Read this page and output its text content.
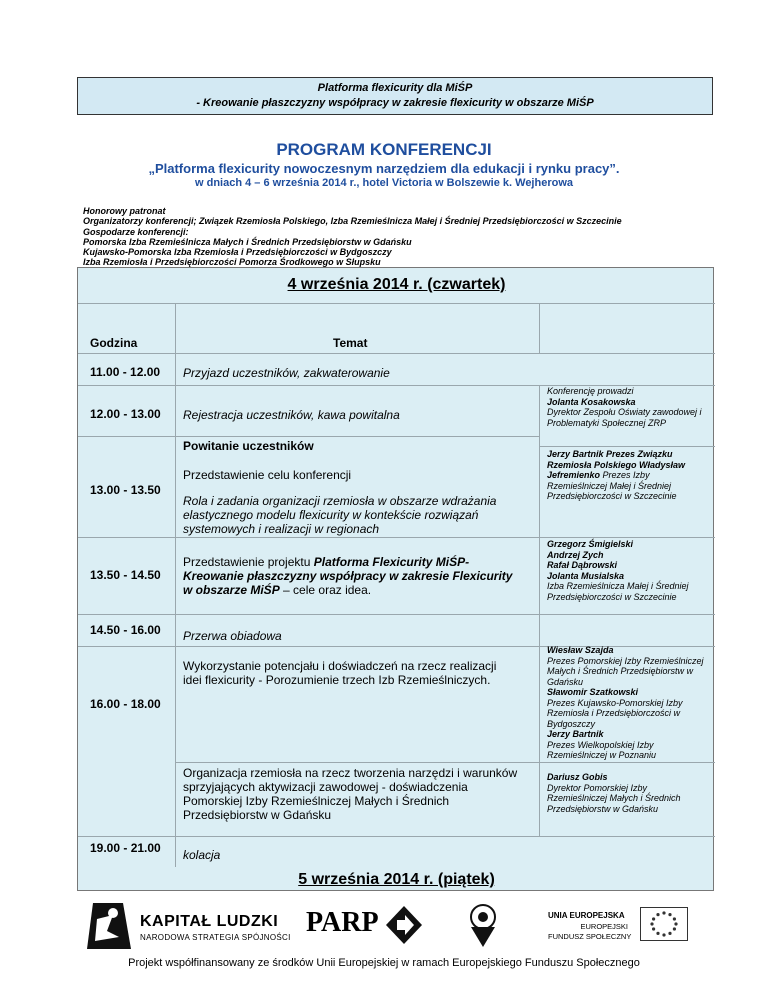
Platforma flexicurity dla MiŚP
- Kreowanie płaszczyzny współpracy w zakresie flexicurity w obszarze MiŚP
PROGRAM KONFERENCJI
„Platforma flexicurity nowoczesnym narzędziem dla edukacji i rynku pracy”.
w dniach 4 – 6 września 2014 r., hotel Victoria w Bolszewie k. Wejherowa
Honorowy patronat
Organizatorzy konferencji; Związek Rzemiosła Polskiego, Izba Rzemieślnicza Małej i Średniej Przedsiębiorczości w Szczecinie
Gospodarze konferencji:
Pomorska Izba Rzemieślnicza Małych i Średnich Przedsiębiorstw w Gdańsku
Kujawsko-Pomorska Izba Rzemiosła i Przedsiębiorczości w Bydgoszczy
Izba Rzemiosła i Przedsiębiorczości Pomorza Środkowego w Słupsku
4 września 2014 r. (czwartek)
Godzina	Temat
11.00 - 12.00 Przyjazd uczestników, zakwaterowanie
12.00 - 13.00 Rejestracja uczestników, kawa powitalna
Konferencję prowadzi
Jolanta Kosakowska
Dyrektor Zespołu Oświaty zawodowej i Problematyki Społecznej ZRP
Powitanie uczestników
Przedstawienie celu konferencji
13.00 - 13.50
Rola i zadania organizacji rzemiosła w obszarze wdrażania elastycznego modelu flexicurity w kontekście rozwiązań systemowych i realizacji w regionach
Jerzy Bartnik Prezes Związku Rzemiosła Polskiego Władysław Jefremienko Prezes Izby Rzemieślniczej Małej i Średniej Przedsiębiorczości w Szczecinie
13.50 - 14.50
Przedstawienie projektu Platforma Flexicurity MiŚP-Kreowanie płaszczyzny współpracy w zakresie Flexicurity w obszarze MiŚP – cele oraz idea.
Grzegorz Śmigielski
Andrzej Zych
Rafał Dąbrowski
Jolanta Musialska
Izba Rzemieślnicza Małej i Średniej Przedsiębiorczości w Szczecinie
14.50 - 16.00 Przerwa obiadowa
Wykorzystanie potencjału i doświadczeń na rzecz realizacji idei flexicurity - Porozumienie trzech Izb Rzemieślniczych.
16.00 - 18.00
Wiesław Szajda
Prezes Pomorskiej Izby Rzemieślniczej Małych i Średnich Przedsiębiorstw w Gdańsku
Sławomir Szatkowski
Prezes Kujawsko-Pomorskiej Izby Rzemiosła i Przedsiębiorczości w Bydgoszczy
Jerzy Bartnik
Prezes Wielkopolskiej Izby Rzemieślniczej w Poznaniu
Organizacja rzemiosła na rzecz tworzenia narzędzi i warunków sprzyjających aktywizacji zawodowej - doświadczenia Pomorskiej Izby Rzemieślniczej Małych i Średnich Przedsiębiorstw w Gdańsku
Dariusz Gobis
Dyrektor Pomorskiej Izby Rzemieślniczej Małych i Średnich Przedsiębiorstw w Gdańsku
19.00 - 21.00 kolacja
5 września 2014 r. (piątek)
KAPITAŁ LUDZKI
NARODOWA STRATEGIA SPÓJNOŚCI PARP	UNIA EUROPEJSKA
EUROPEJSKI
FUNDUSZ SPOŁECZNY
Projekt współfinansowany ze środków Unii Europejskiej w ramach Europejskiego Funduszu Społecznego
